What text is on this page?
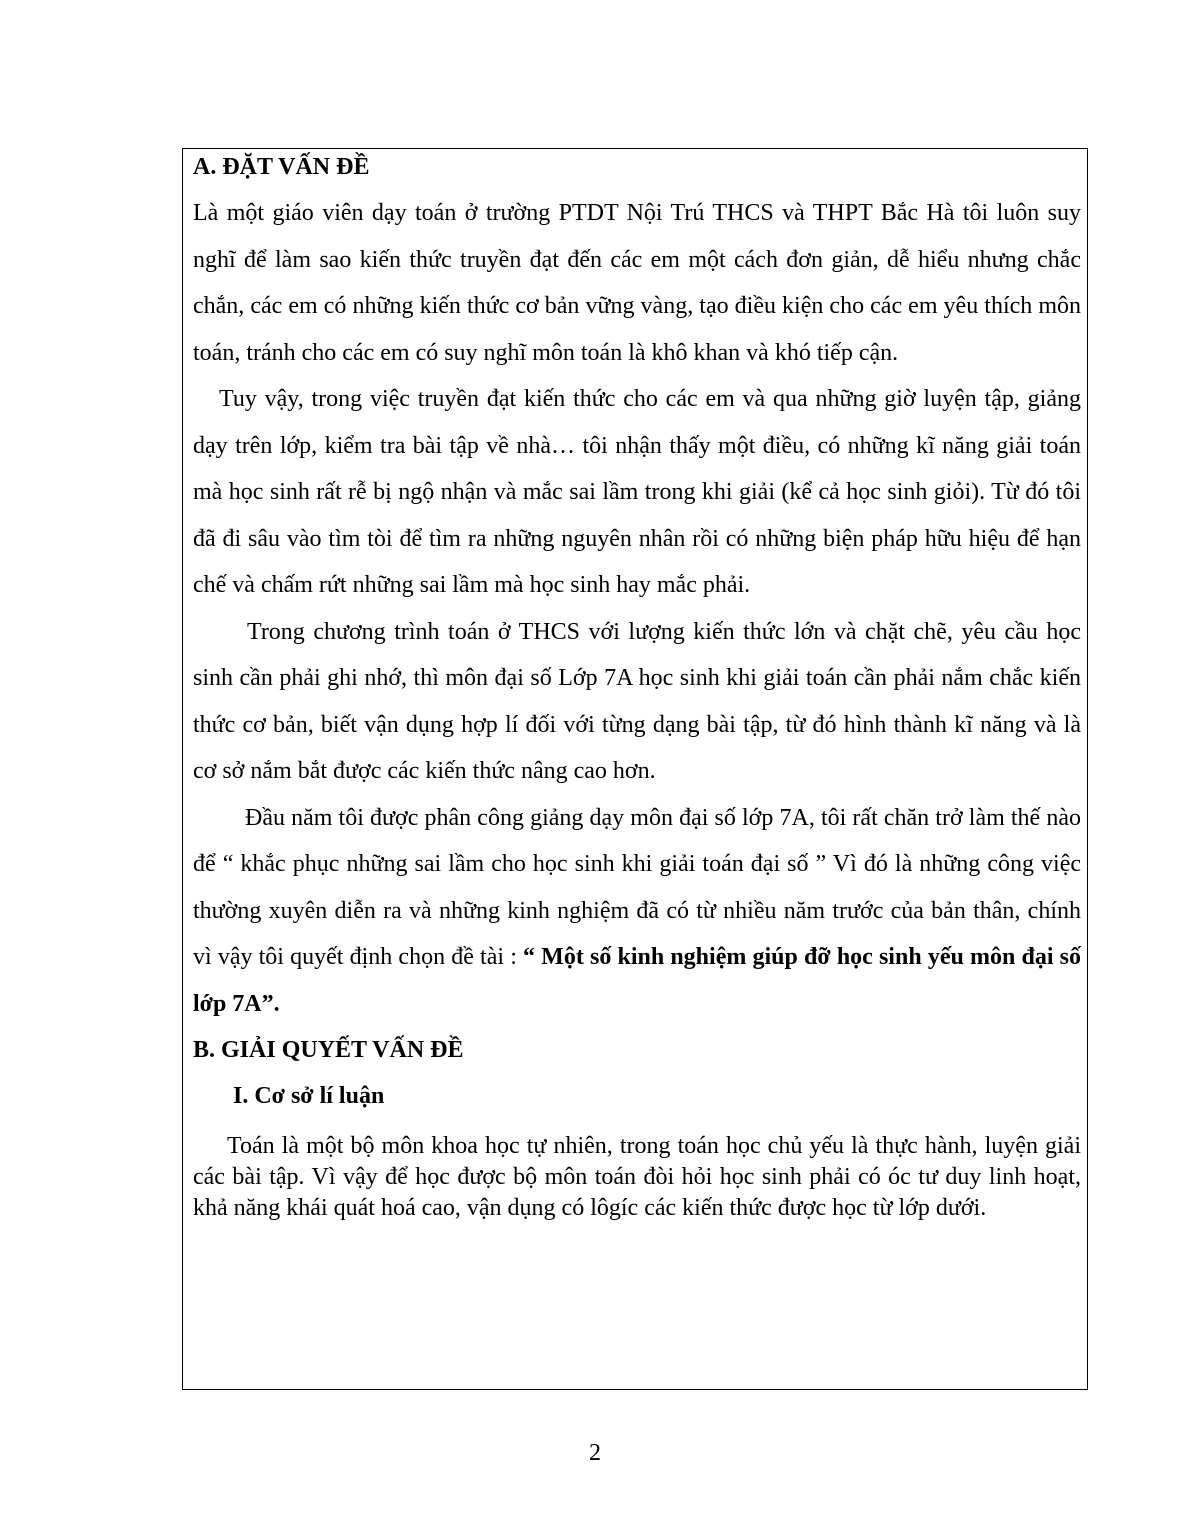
A. ĐẶT VẤN ĐỀ

Là một giáo viên dạy toán ở trường PTDT Nội Trú THCS và THPT Bắc Hà tôi luôn suy nghĩ để làm sao kiến thức truyền đạt đến các em một cách đơn giản, dễ hiểu nhưng chắc chắn, các em có những kiến thức cơ bản vững vàng, tạo điều kiện cho các em yêu thích môn toán, tránh cho các em có suy nghĩ môn toán là khô khan và khó tiếp cận.

Tuy vậy, trong việc truyền đạt kiến thức cho các em và qua những giờ luyện tập, giảng dạy trên lớp, kiểm tra bài tập về nhà… tôi nhận thấy một điều, có những kĩ năng giải toán mà học sinh rất rễ bị ngộ nhận và mắc sai lầm trong khi giải (kể cả học sinh giỏi). Từ đó tôi đã đi sâu vào tìm tòi để tìm ra những nguyên nhân rồi có những biện pháp hữu hiệu để hạn chế và chấm rứt những sai lầm mà học sinh hay mắc phải.

Trong chương trình toán ở THCS với lượng kiến thức lớn và chặt chẽ, yêu cầu học sinh cần phải ghi nhớ, thì môn đại số Lớp 7A học sinh khi giải toán cần phải nắm chắc kiến thức cơ bản, biết vận dụng hợp lí đối với từng dạng bài tập, từ đó hình thành kĩ năng và là cơ sở nắm bắt được các kiến thức nâng cao hơn.

Đầu năm tôi được phân công giảng dạy môn đại số lớp 7A, tôi rất chăn trở làm thế nào để “ khắc phục những sai lầm cho học sinh khi giải toán đại số ” Vì đó là những công việc thường xuyên diễn ra và những kinh nghiệm đã có từ nhiều năm trước của bản thân, chính vì vậy tôi quyết định chọn đề tài : “ Một số kinh nghiệm giúp đỡ học sinh yếu môn đại số lớp 7A”.

B. GIẢI QUYẾT VẤN ĐỀ
I. Cơ sở lí luận

Toán là một bộ môn khoa học tự nhiên, trong toán học chủ yếu là thực hành, luyện giải các bài tập. Vì vậy để học được bộ môn toán đòi hỏi học sinh phải có óc tư duy linh hoạt, khả năng khái quát hoá cao, vận dụng có lôgíc các kiến thức được học từ lớp dưới.

2
